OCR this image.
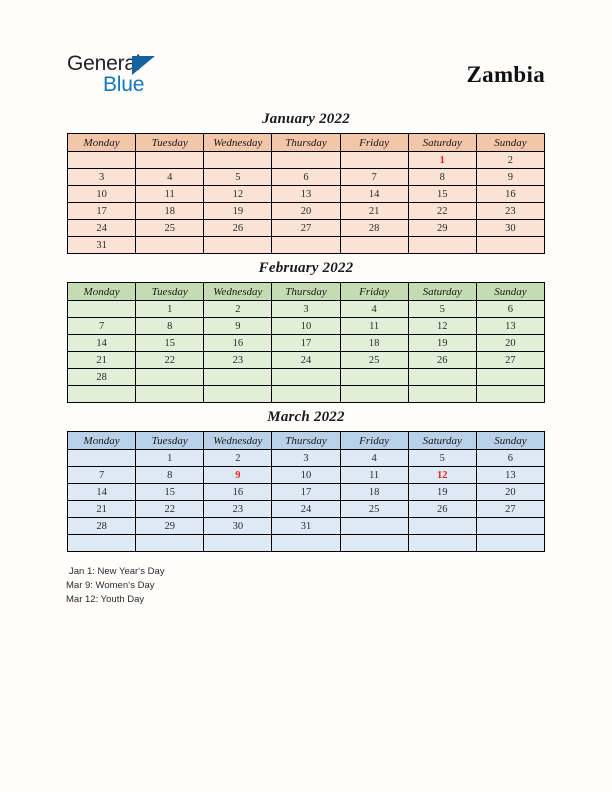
General
Blue	Zambia
January 2022
Monday	Tuesday	Wednesday	Thursday	Friday	Saturday	Sunday
					1	2
3	4	5	6	7	8	9
10	11	12	13	14	15	16
17	18	19	20	21	22	23
24	25	26	27	28	29	30
31						
February 2022
Monday	Tuesday	Wednesday	Thursday	Friday	Saturday	Sunday
	1	2	3	4	5	6
7	8	9	10	11	12	13
14	15	16	17	18	19	20
21	22	23	24	25	26	27
28						

March 2022
Monday	Tuesday	Wednesday	Thursday	Friday	Saturday	Sunday
	1	2	3	4	5	6
7	8	9	10	11	12	13
14	15	16	17	18	19	20
21	22	23	24	25	26	27
28	29	30	31			

Jan 1: New Year‘s Day
Mar 9: Women‘s Day
Mar 12: Youth Day
